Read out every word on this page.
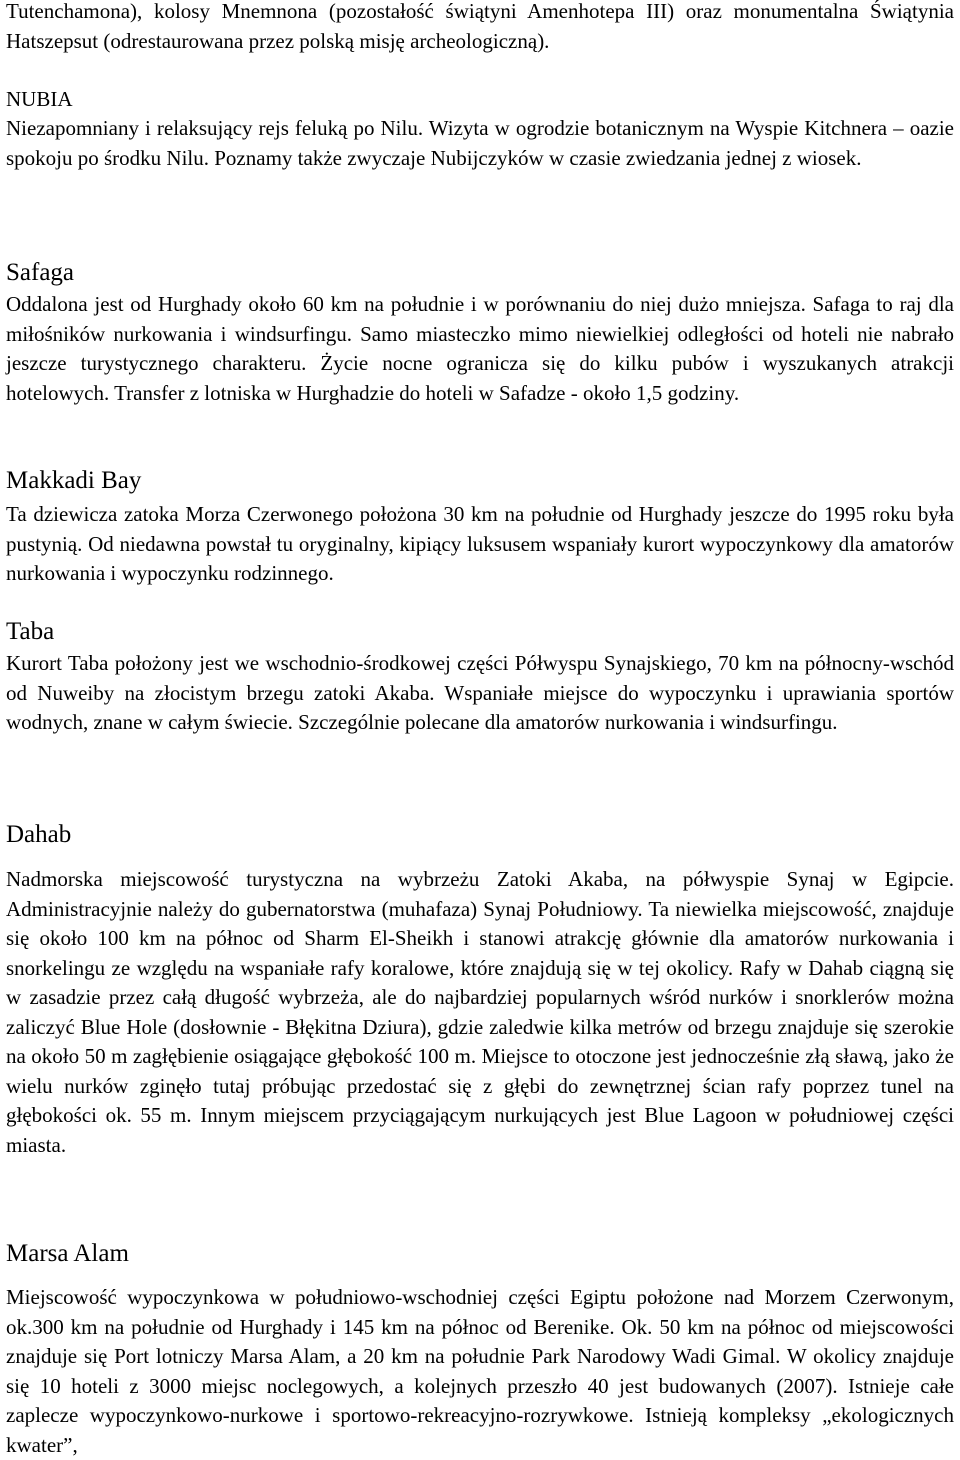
Tutenchamona), kolosy Mnemnona (pozostałość świątyni Amenhotepa III) oraz monumentalna Świątynia Hatszepsut (odrestaurowana przez polską misję archeologiczną).

NUBIA

Niezapomniany i relaksujący rejs feluką po Nilu. Wizyta w ogrodzie botanicznym na Wyspie Kitchnera – oazie spokoju po środku Nilu. Poznamy także zwyczaje Nubijczyków w czasie zwiedzania jednej z wiosek.

Safaga

Oddalona jest od Hurghady około 60 km na południe i w porównaniu do niej dużo mniejsza. Safaga to raj dla miłośników nurkowania i windsurfingu. Samo miasteczko mimo niewielkiej odległości od hoteli nie nabrało jeszcze turystycznego charakteru. Życie nocne ogranicza się do kilku pubów i wyszukanych atrakcji hotelowych. Transfer z lotniska w Hurghadzie do hoteli w Safadze - około 1,5 godziny.

Makkadi Bay

Ta dziewicza zatoka Morza Czerwonego położona 30 km na południe od Hurghady jeszcze do 1995 roku była pustynią. Od niedawna powstał tu oryginalny, kipiący luksusem wspaniały kurort wypoczynkowy dla amatorów nurkowania i wypoczynku rodzinnego.

Taba

Kurort Taba położony jest we wschodnio-środkowej części Półwyspu Synajskiego, 70 km na północny-wschód od Nuweiby na złocistym brzegu zatoki Akaba. Wspaniałe miejsce do wypoczynku i uprawiania sportów wodnych, znane w całym świecie. Szczególnie polecane dla amatorów nurkowania i windsurfingu.

Dahab

Nadmorska miejscowość turystyczna na wybrzeżu Zatoki Akaba, na półwyspie Synaj w Egipcie. Administracyjnie należy do gubernatorstwa (muhafaza) Synaj Południowy. Ta niewielka miejscowość, znajduje się około 100 km na północ od Sharm El-Sheikh i stanowi atrakcję głównie dla amatorów nurkowania i snorkelingu ze względu na wspaniałe rafy koralowe, które znajdują się w tej okolicy. Rafy w Dahab ciągną się w zasadzie przez całą długość wybrzeża, ale do najbardziej popularnych wśród nurków i snorklerów można zaliczyć Blue Hole (dosłownie - Błękitna Dziura), gdzie zaledwie kilka metrów od brzegu znajduje się szerokie na około 50 m zagłębienie osiągające głębokość 100 m. Miejsce to otoczone jest jednocześnie złą sławą, jako że wielu nurków zginęło tutaj próbując przedostać się z głębi do zewnętrznej ścian rafy poprzez tunel na głębokości ok. 55 m. Innym miejscem przyciągającym nurkujących jest Blue Lagoon w południowej części miasta.

Marsa Alam

Miejscowość wypoczynkowa w południowo-wschodniej części Egiptu położone nad Morzem Czerwonym, ok.300 km na południe od Hurghady i 145 km na północ od Berenike. Ok. 50 km na północ od miejscowości znajduje się Port lotniczy Marsa Alam, a 20 km na południe Park Narodowy Wadi Gimal. W okolicy znajduje się 10 hoteli z 3000 miejsc noclegowych, a kolejnych przeszło 40 jest budowanych (2007). Istnieje całe zaplecze wypoczynkowo-nurkowe i sportowo-rekreacyjno-rozrywkowe. Istnieją kompleksy „ekologicznych kwater”,
